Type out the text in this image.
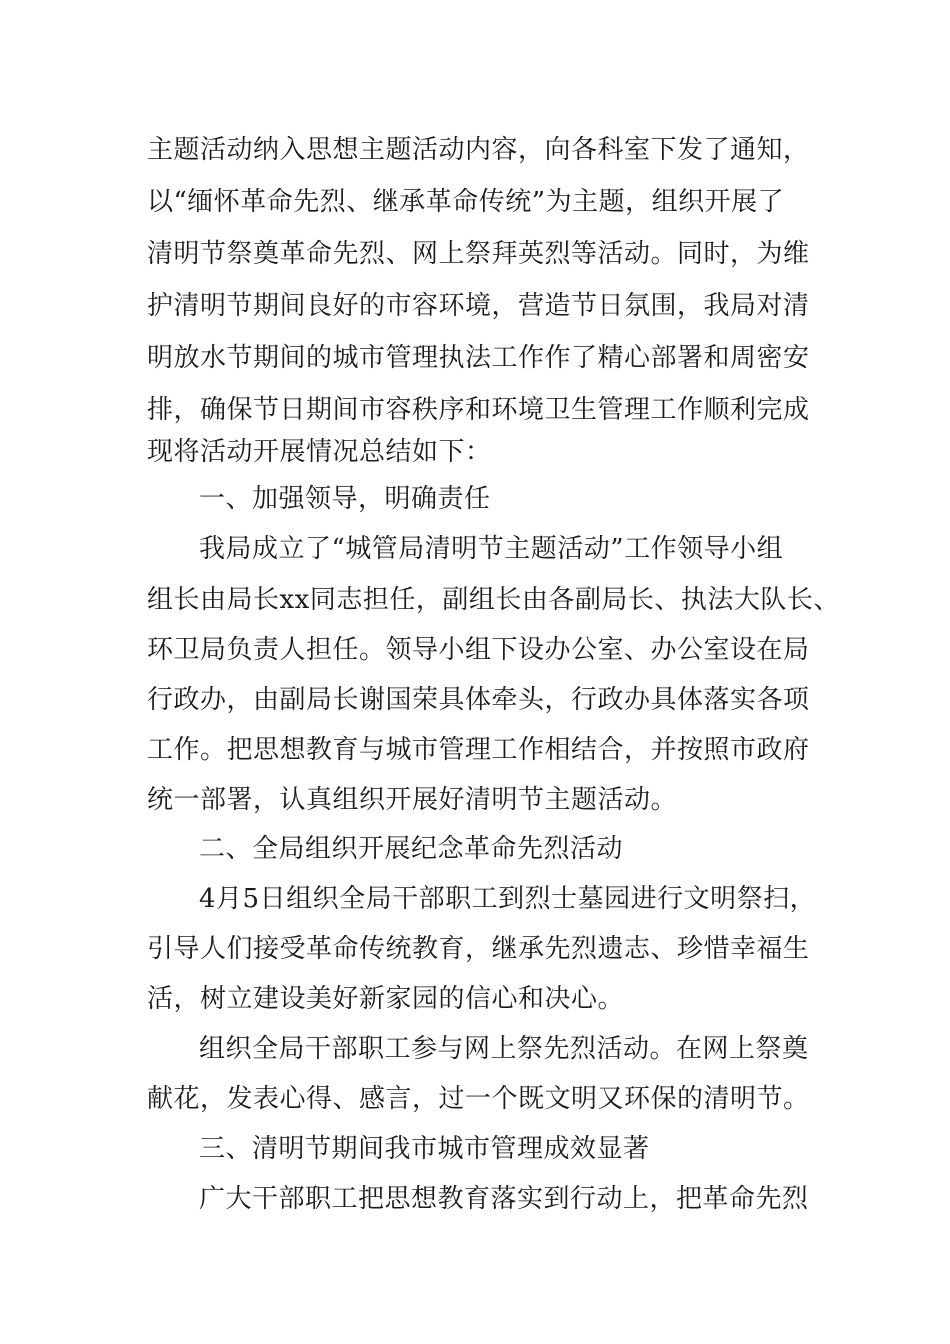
主题活动纳入思想主题活动内容，向各科室下发了通知，
以“缅怀革命先烈、继承革命传统”为主题，组织开展了
清明节祭奠革命先烈、网上祭拜英烈等活动。同时，为维
护清明节期间良好的市容环境，营造节日氛围，我局对清
明放水节期间的城市管理执法工作作了精心部署和周密安
排，确保节日期间市容秩序和环境卫生管理工作顺利完成
现将活动开展情况总结如下：
一、加强领导，明确责任
我局成立了“城管局清明节主题活动”工作领导小组
组长由局长xx同志担任，副组长由各副局长、执法大队长、
环卫局负责人担任。领导小组下设办公室、办公室设在局
行政办，由副局长谢国荣具体牵头，行政办具体落实各项
工作。把思想教育与城市管理工作相结合，并按照市政府
统一部署，认真组织开展好清明节主题活动。
二、全局组织开展纪念革命先烈活动
4月5日组织全局干部职工到烈士墓园进行文明祭扫，
引导人们接受革命传统教育，继承先烈遗志、珍惜幸福生
活，树立建设美好新家园的信心和决心。
组织全局干部职工参与网上祭先烈活动。在网上祭奠
献花，发表心得、感言，过一个既文明又环保的清明节。
三、清明节期间我市城市管理成效显著
广大干部职工把思想教育落实到行动上，把革命先烈
